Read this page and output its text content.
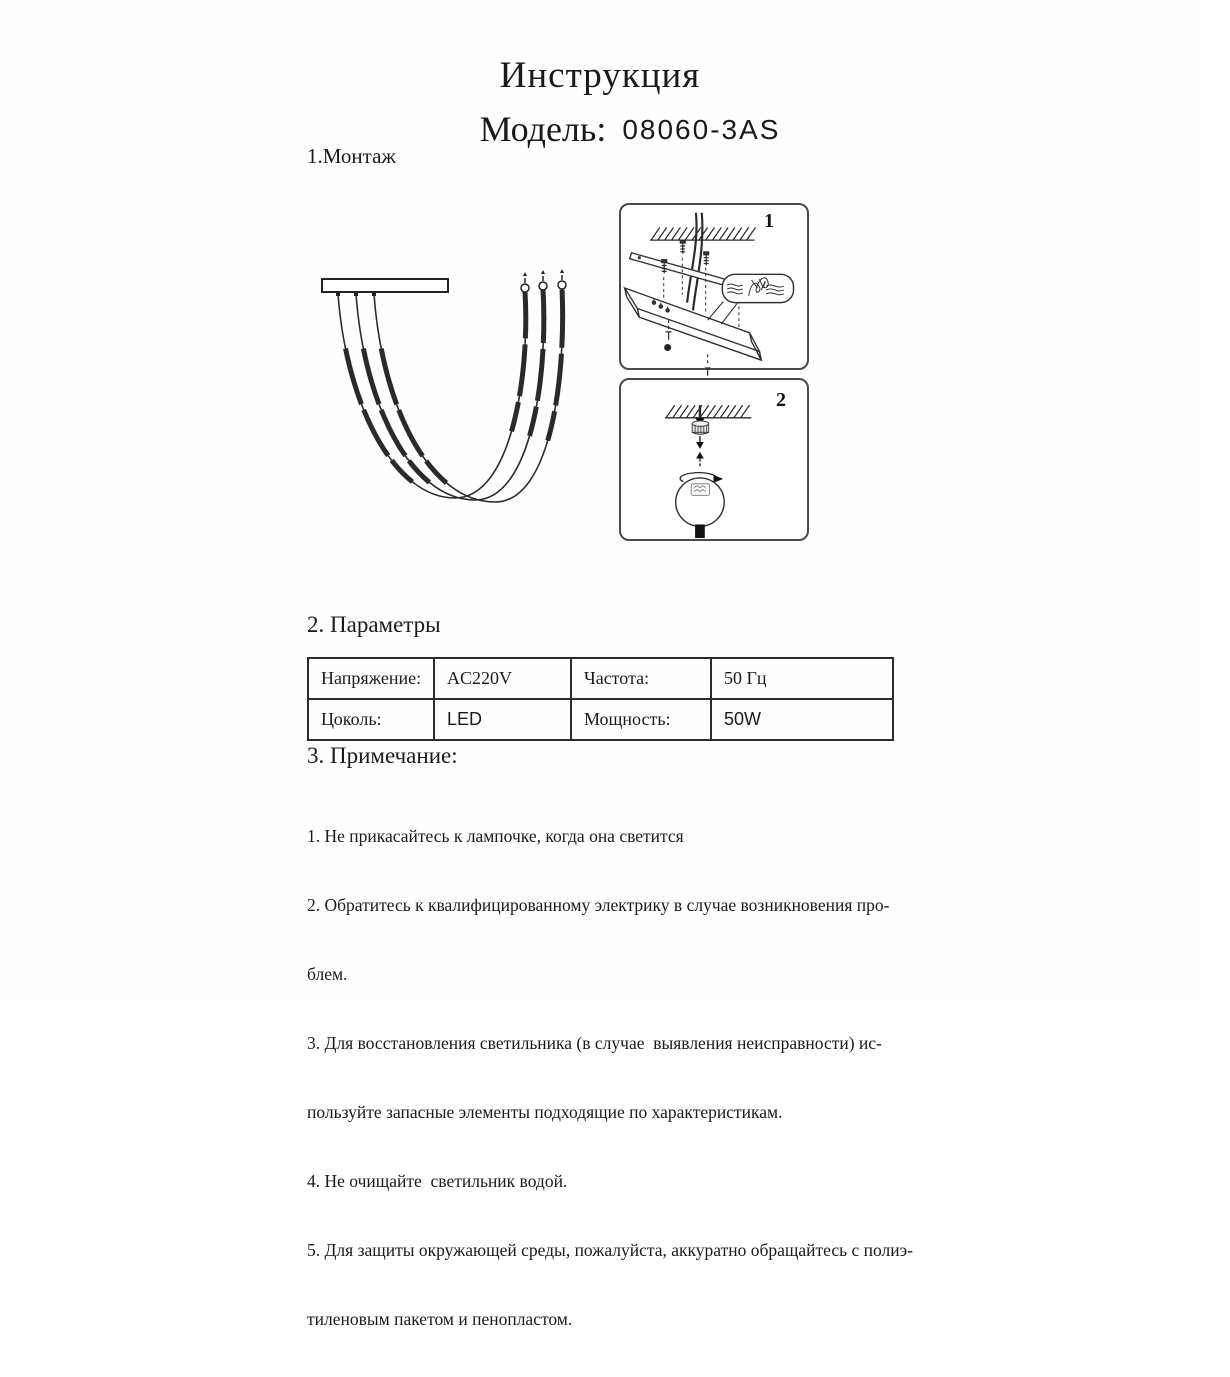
Инструкция
Модель: 08060-3AS
1.Монтаж
1
2
2. Параметры
Напряжение:	AC220V	Частота:	50 Гц
Цоколь:	LED	Мощность:	50W
3. Примечание:

1. Не прикасайтесь к лампочке, когда она светится

2. Обратитесь к квалифицированному электрику в случае возникновения про-

блем.

3. Для восстановления светильника (в случае  выявления неисправности) ис-

пользуйте запасные элементы подходящие по характеристикам.

4. Не очищайте  светильник водой.

5. Для защиты окружающей среды, пожалуйста, аккуратно обращайтесь с полиэ-

тиленовым пакетом и пенопластом.
